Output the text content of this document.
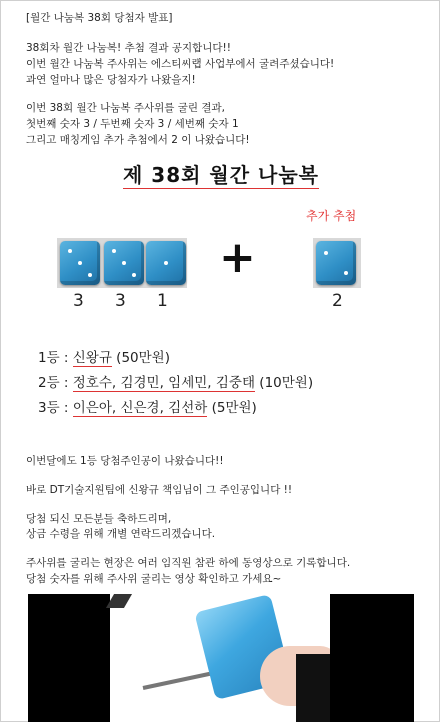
[월간 나눔복 38회 당첨자 발표]
38회차 월간 나눔복! 추첨 결과 공지합니다!!
이번 월간 나눔복 주사위는 에스티씨랩 사업부에서 굴려주셨습니다!
과연 얼마나 많은 당첨자가 나왔을지!
이번 38회 월간 나눔복 주사위를 굴린 결과,
첫번째 숫자 3 / 두번째 숫자 3 / 세번째 숫자 1
그리고 매칭게임 추가 추첨에서 2 이 나왔습니다!
제 38회 월간 나눔복
추가 추첨
3 3 1
+
2
1등 : 신왕규 (50만원)
2등 : 정호수, 김경민, 임세민, 김중태 (10만원)
3등 : 이은아, 신은경, 김선하 (5만원)
이번달에도 1등 당첨주인공이 나왔습니다!!
바로 DT기술지원팀에 신왕규 책임님이 그 주인공입니다 !!
당첨 되신 모든분들 축하드리며,
상금 수령을 위해 개별 연락드리겠습니다.
주사위를 굴리는 현장은 여러 임직원 참관 하에 동영상으로 기록합니다.
당첨 숫자를 위해 주사위 굴리는 영상 확인하고 가세요~
